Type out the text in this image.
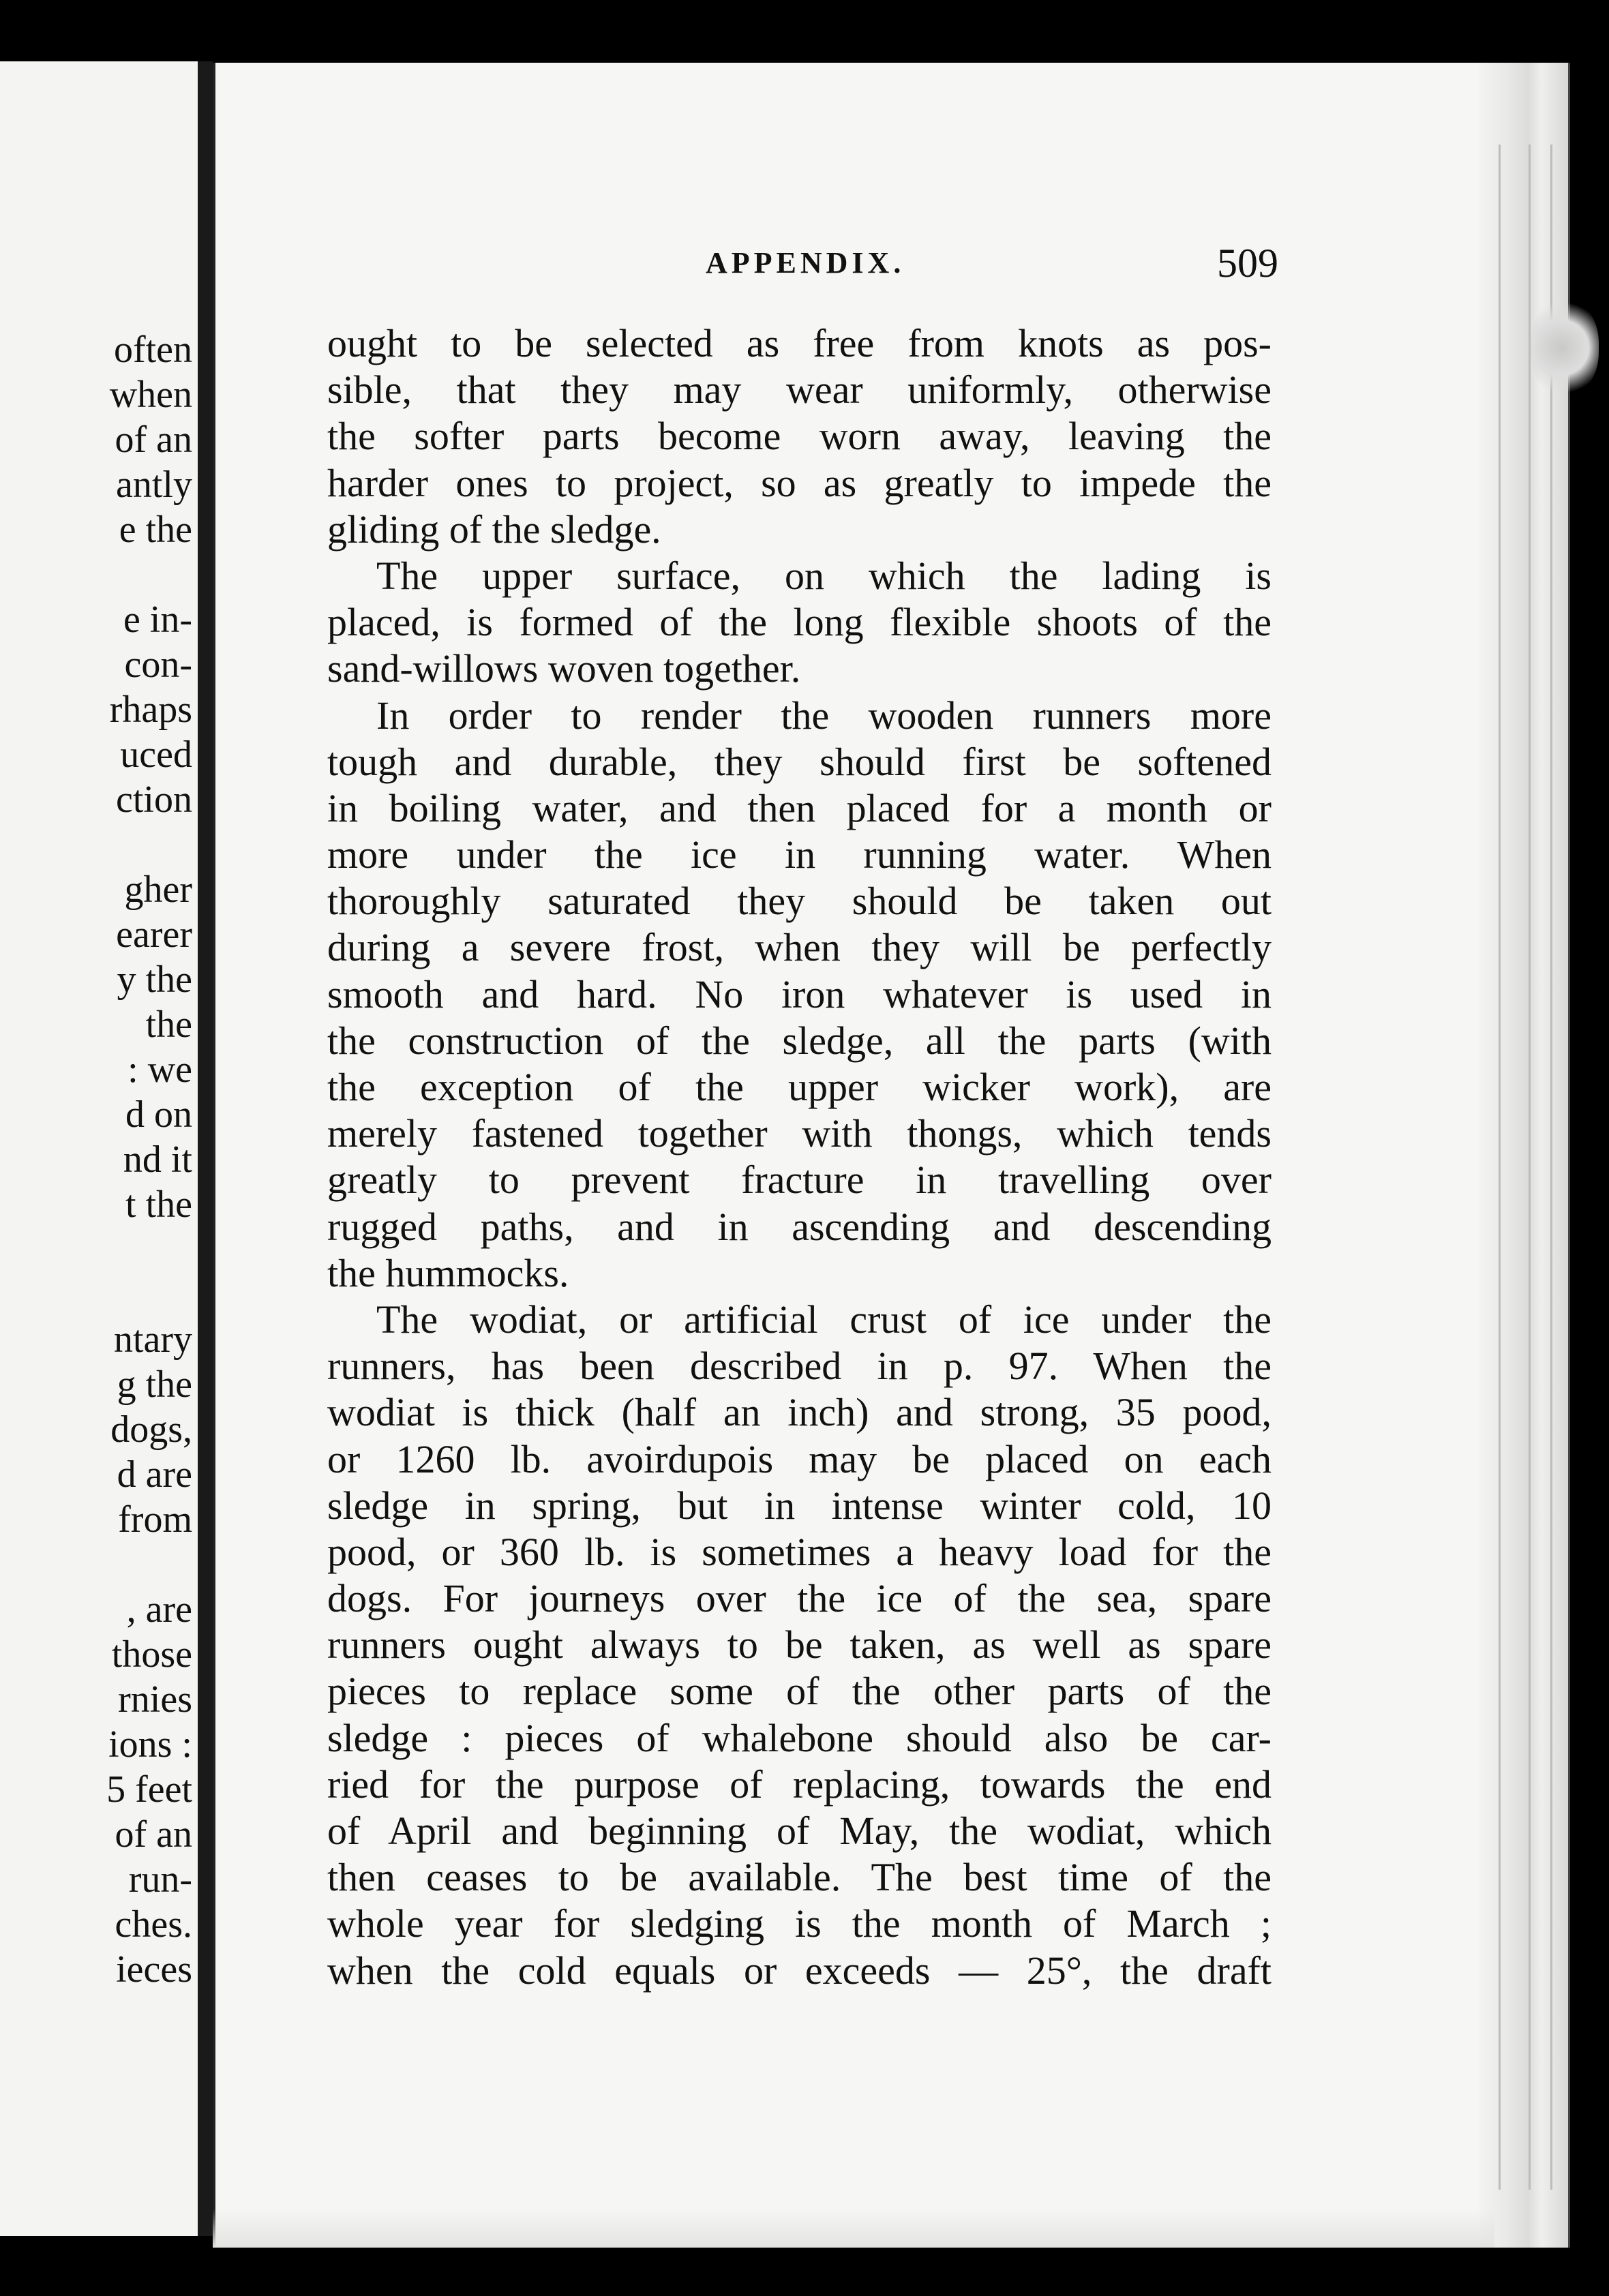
often
when
of an
antly
e the
e in-
con-
rhaps
uced
ction
gher
earer
y the
the
: we
d on
nd it
t the
ntary
g the
dogs,
d are
from
, are
those
rnies
ions :
5 feet
of an
run-
ches.
ieces
APPENDIX.	509
ought to be selected as free from knots as pos-
sible, that they may wear uniformly, otherwise
the softer parts become worn away, leaving the
harder ones to project, so as greatly to impede the
gliding of the sledge.
The upper surface, on which the lading is
placed, is formed of the long flexible shoots of the
sand-willows woven together.
In order to render the wooden runners more
tough and durable, they should first be softened
in boiling water, and then placed for a month or
more under the ice in running water. When
thoroughly saturated they should be taken out
during a severe frost, when they will be perfectly
smooth and hard. No iron whatever is used in
the construction of the sledge, all the parts (with
the exception of the upper wicker work), are
merely fastened together with thongs, which tends
greatly to prevent fracture in travelling over
rugged paths, and in ascending and descending
the hummocks.
The wodiat, or artificial crust of ice under the
runners, has been described in p. 97. When the
wodiat is thick (half an inch) and strong, 35 pood,
or 1260 lb. avoirdupois may be placed on each
sledge in spring, but in intense winter cold, 10
pood, or 360 lb. is sometimes a heavy load for the
dogs. For journeys over the ice of the sea, spare
runners ought always to be taken, as well as spare
pieces to replace some of the other parts of the
sledge : pieces of whalebone should also be car-
ried for the purpose of replacing, towards the end
of April and beginning of May, the wodiat, which
then ceases to be available. The best time of the
whole year for sledging is the month of March ;
when the cold equals or exceeds — 25°, the draft
